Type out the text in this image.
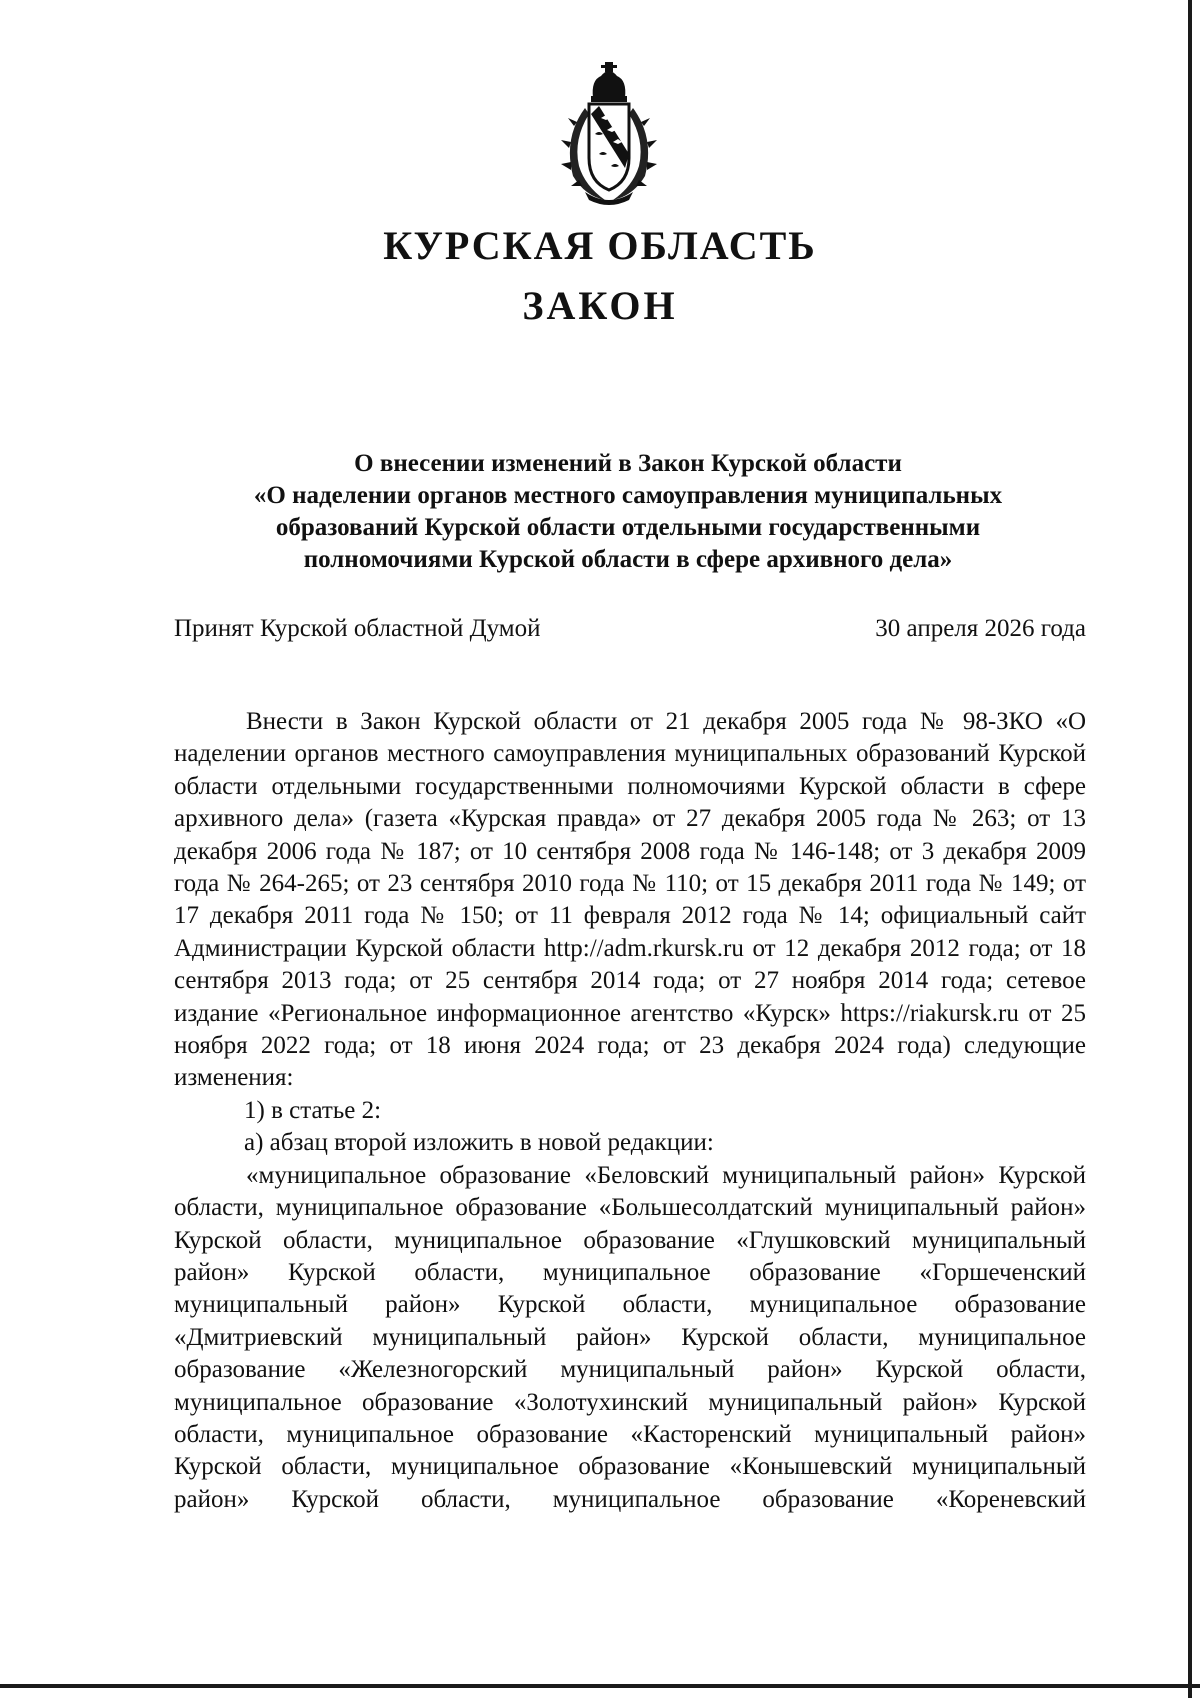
КУРСКАЯ ОБЛАСТЬ
ЗАКОН
О внесении изменений в Закон Курской области
«О наделении органов местного самоуправления муниципальных
образований Курской области отдельными государственными
полномочиями Курской области в сфере архивного дела»
Принят Курской областной Думой	30 апреля 2026 года

Внести в Закон Курской области от 21 декабря 2005 года № 98-ЗКО «О наделении органов местного самоуправления муниципальных образований Курской области отдельными государственными полномочиями Курской области в сфере архивного дела» (газета «Курская правда» от 27 декабря 2005 года № 263; от 13 декабря 2006 года № 187; от 10 сентября 2008 года № 146-148; от 3 декабря 2009 года № 264-265; от 23 сентября 2010 года № 110; от 15 декабря 2011 года № 149; от 17 декабря 2011 года № 150; от 11 февраля 2012 года № 14; официальный сайт Администрации Курской области http://adm.rkursk.ru от 12 декабря 2012 года; от 18 сентября 2013 года; от 25 сентября 2014 года; от 27 ноября 2014 года; сетевое издание «Региональное информационное агентство «Курск» https://riakursk.ru от 25 ноября 2022 года; от 18 июня 2024 года; от 23 декабря 2024 года) следующие изменения:

1) в статье 2:

а) абзац второй изложить в новой редакции:

«муниципальное образование «Беловский муниципальный район» Курской области, муниципальное образование «Большесолдатский муниципальный район» Курской области, муниципальное образование «Глушковский муниципальный район» Курской области, муниципальное образование «Горшеченский муниципальный район» Курской области, муниципальное образование «Дмитриевский муниципальный район» Курской области, муниципальное образование «Железногорский муниципальный район» Курской области, муниципальное образование «Золотухинский муниципальный район» Курской области, муниципальное образование «Касторенский муниципальный район» Курской области, муниципальное образование «Конышевский муниципальный район» Курской области, муниципальное образование «Кореневский
